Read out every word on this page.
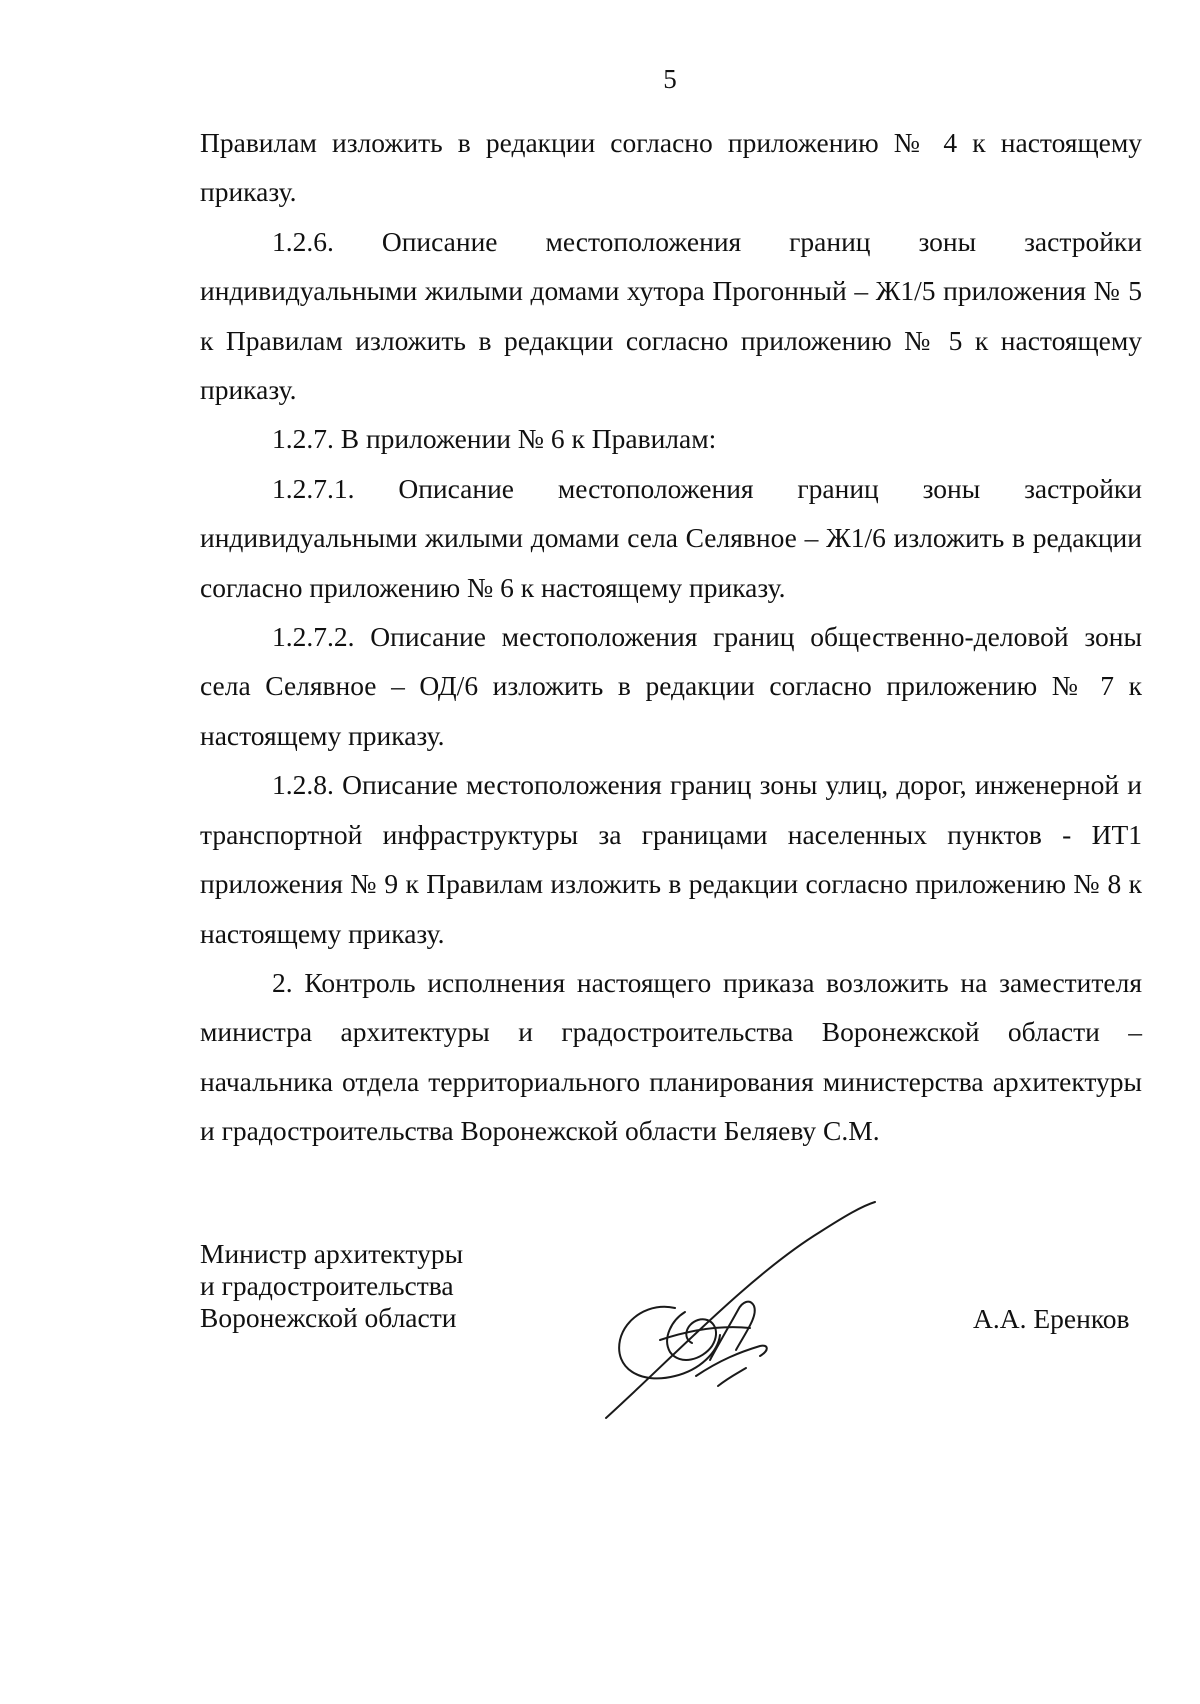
5

Правилам изложить в редакции согласно приложению № 4 к настоящему приказу.

1.2.6. Описание местоположения границ зоны застройки индивидуальными жилыми домами хутора Прогонный – Ж1/5 приложения № 5 к Правилам изложить в редакции согласно приложению № 5 к настоящему приказу.

1.2.7. В приложении № 6 к Правилам:

1.2.7.1. Описание местоположения границ зоны застройки индивидуальными жилыми домами села Селявное – Ж1/6 изложить в редакции согласно приложению № 6 к настоящему приказу.

1.2.7.2. Описание местоположения границ общественно-деловой зоны села Селявное – ОД/6 изложить в редакции согласно приложению № 7 к настоящему приказу.

1.2.8. Описание местоположения границ зоны улиц, дорог, инженерной и транспортной инфраструктуры за границами населенных пунктов - ИТ1 приложения № 9 к Правилам изложить в редакции согласно приложению № 8 к настоящему приказу.

2. Контроль исполнения настоящего приказа возложить на заместителя министра архитектуры и градостроительства Воронежской области – начальника отдела территориального планирования министерства архитектуры и градостроительства Воронежской области Беляеву С.М.

Министр архитектуры
и градостроительства
Воронежской области	А.А. Еренков
